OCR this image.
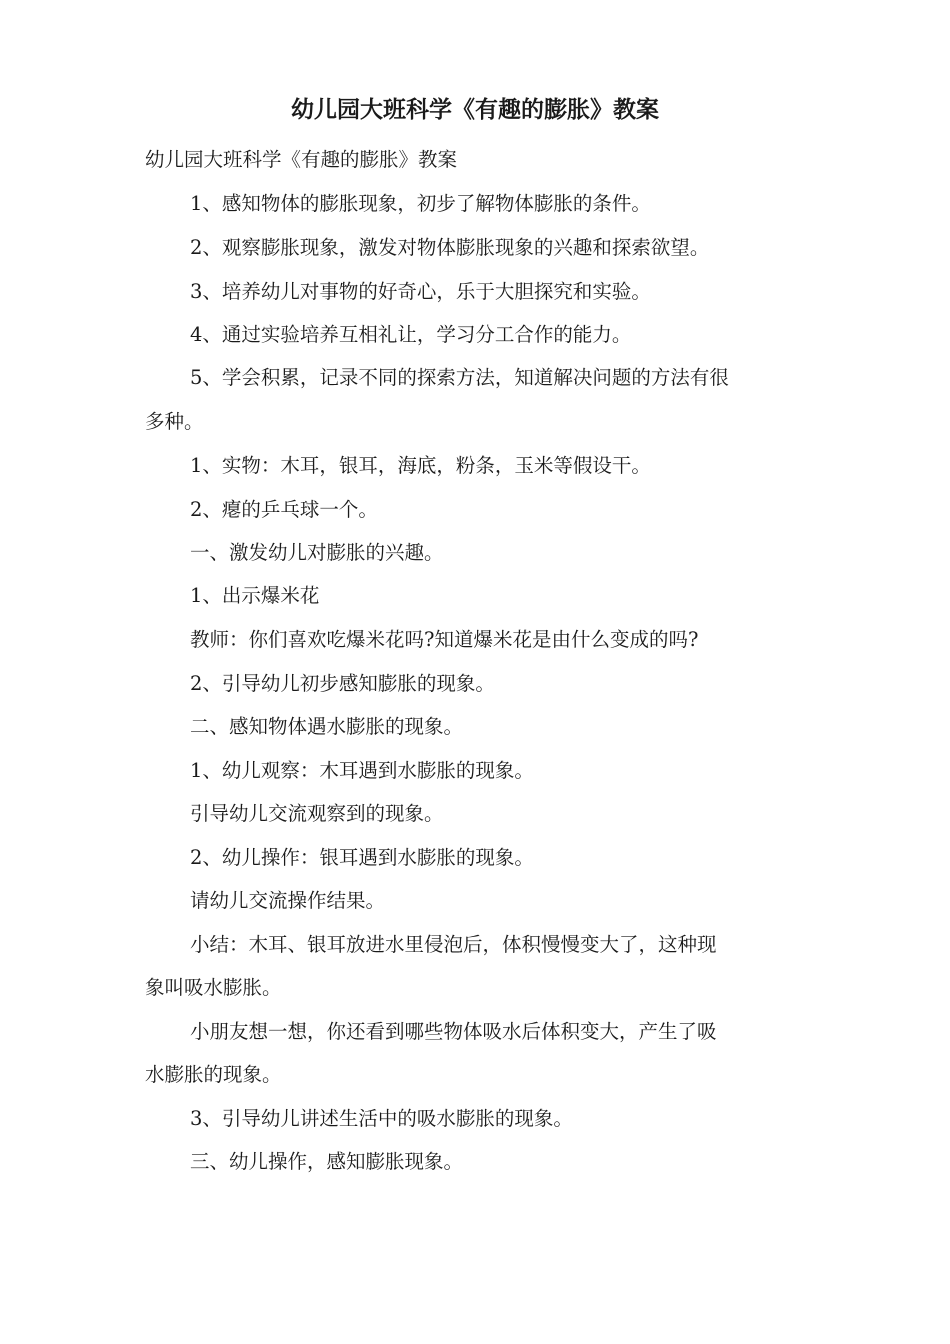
幼儿园大班科学《有趣的膨胀》教案
幼儿园大班科学《有趣的膨胀》教案
1、感知物体的膨胀现象，初步了解物体膨胀的条件。
2、观察膨胀现象，激发对物体膨胀现象的兴趣和探索欲望。
3、培养幼儿对事物的好奇心，乐于大胆探究和实验。
4、通过实验培养互相礼让，学习分工合作的能力。
5、学会积累，记录不同的探索方法，知道解决问题的方法有很
多种。
1、实物：木耳，银耳，海底，粉条，玉米等假设干。
2、瘪的乒乓球一个。
一、激发幼儿对膨胀的兴趣。
1、出示爆米花
教师：你们喜欢吃爆米花吗?知道爆米花是由什么变成的吗?
2、引导幼儿初步感知膨胀的现象。
二、感知物体遇水膨胀的现象。
1、幼儿观察：木耳遇到水膨胀的现象。
引导幼儿交流观察到的现象。
2、幼儿操作：银耳遇到水膨胀的现象。
请幼儿交流操作结果。
小结：木耳、银耳放进水里侵泡后，体积慢慢变大了，这种现
象叫吸水膨胀。
小朋友想一想，你还看到哪些物体吸水后体积变大，产生了吸
水膨胀的现象。
3、引导幼儿讲述生活中的吸水膨胀的现象。
三、幼儿操作，感知膨胀现象。
